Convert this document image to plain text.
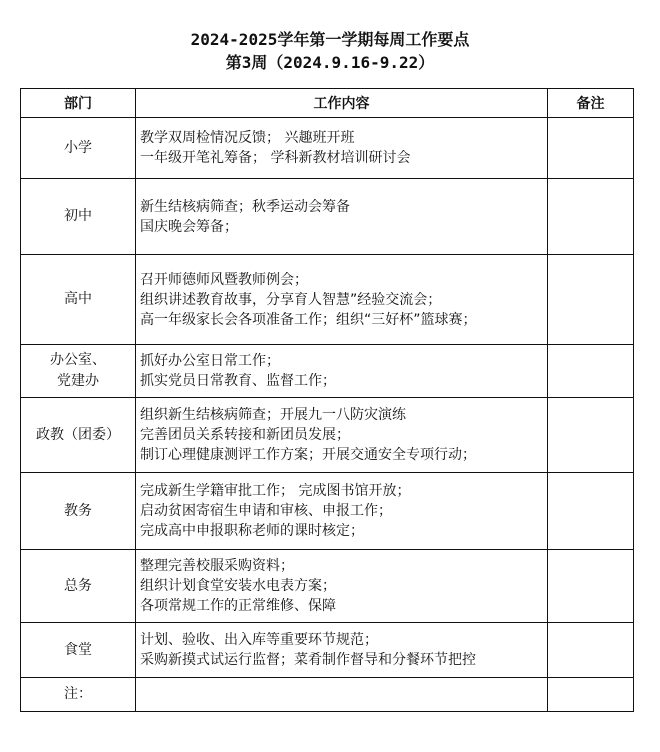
2024-2025学年第一学期每周工作要点
第3周（2024.9.16-9.22）
部门	工作内容	备注

小学	教学双周检情况反馈； 兴趣班开班
一年级开笔礼筹备； 学科新教材培训研讨会	

初中	新生结核病筛查；秋季运动会筹备
国庆晚会筹备；	

高中	召开师德师风暨教师例会；
组织讲述教育故事，分享育人智慧”经验交流会；
高一年级家长会各项准备工作；组织“三好杯”篮球赛；	

办公室、
党建办	抓好办公室日常工作；
抓实党员日常教育、监督工作；	

政教（团委）	组织新生结核病筛查；开展九一八防灾演练
完善团员关系转接和新团员发展；
制订心理健康测评工作方案；开展交通安全专项行动；	

教务	完成新生学籍审批工作； 完成图书馆开放；
启动贫困寄宿生申请和审核、申报工作；
完成高中申报职称老师的课时核定；	

总务	整理完善校服采购资料；
组织计划食堂安装水电表方案；
各项常规工作的正常维修、保障	

食堂	计划、验收、出入库等重要环节规范；
采购新摸式试运行监督；菜肴制作督导和分餐环节把控	

注：		
